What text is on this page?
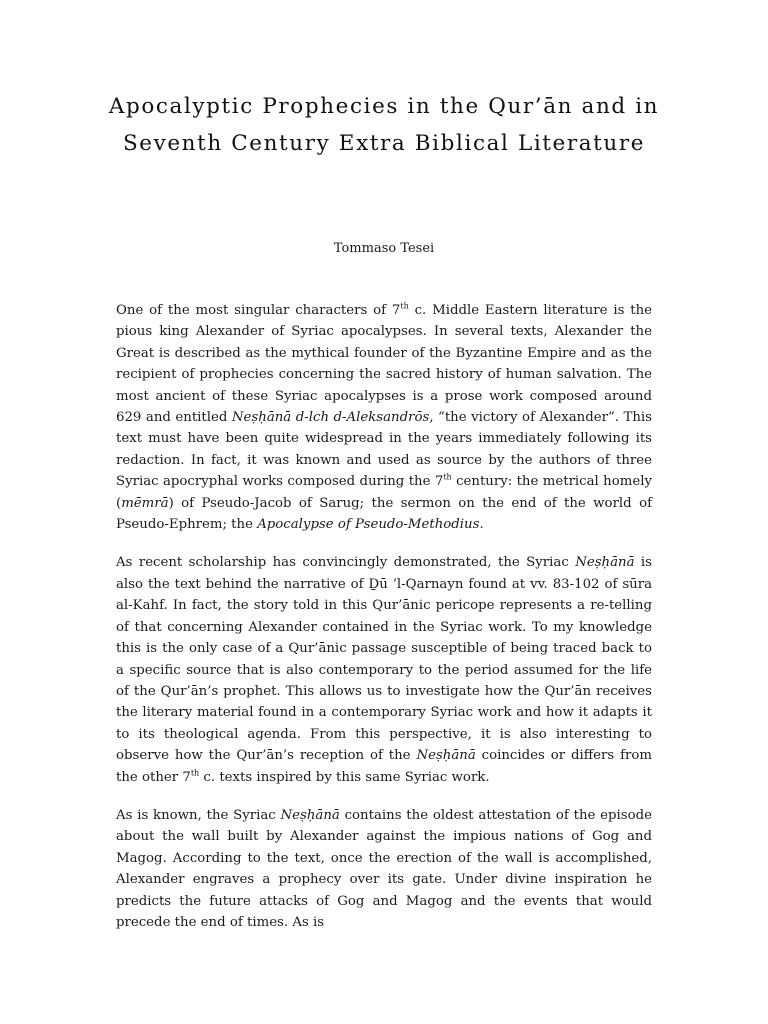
Apocalyptic Prophecies in the Qur’ān and in Seventh Century Extra Biblical Literature

Tommaso Tesei

One of the most singular characters of 7th c. Middle Eastern literature is the pious king Alexander of Syriac apocalypses. In several texts, Alexander the Great is described as the mythical founder of the Byzantine Empire and as the recipient of prophecies concerning the sacred history of human salvation. The most ancient of these Syriac apocalypses is a prose work composed around 629 and entitled Neṣḥānā d-lch d-Aleksandrōs, “the victory of Alexander”. This text must have been quite widespread in the years immediately following its redaction. In fact, it was known and used as source by the authors of three Syriac apocryphal works composed during the 7th century: the metrical homely (mēmrā) of Pseudo-Jacob of Sarug; the sermon on the end of the world of Pseudo-Ephrem; the Apocalypse of Pseudo-Methodius.

As recent scholarship has convincingly demonstrated, the Syriac Neṣḥānā is also the text behind the narrative of Ḏū ’l-Qarnayn found at vv. 83-102 of sūra al-Kahf. In fact, the story told in this Qur’ānic pericope represents a re-telling of that concerning Alexander contained in the Syriac work. To my knowledge this is the only case of a Qur’ānic passage susceptible of being traced back to a specific source that is also contemporary to the period assumed for the life of the Qur’ān’s prophet. This allows us to investigate how the Qur’ān receives the literary material found in a contemporary Syriac work and how it adapts it to its theological agenda. From this perspective, it is also interesting to observe how the Qur’ān’s reception of the Neṣḥānā coincides or differs from the other 7th c. texts inspired by this same Syriac work.

As is known, the Syriac Neṣḥānā contains the oldest attestation of the episode about the wall built by Alexander against the impious nations of Gog and Magog. According to the text, once the erection of the wall is accomplished, Alexander engraves a prophecy over its gate. Under divine inspiration he predicts the future attacks of Gog and Magog and the events that would precede the end of times. As is
